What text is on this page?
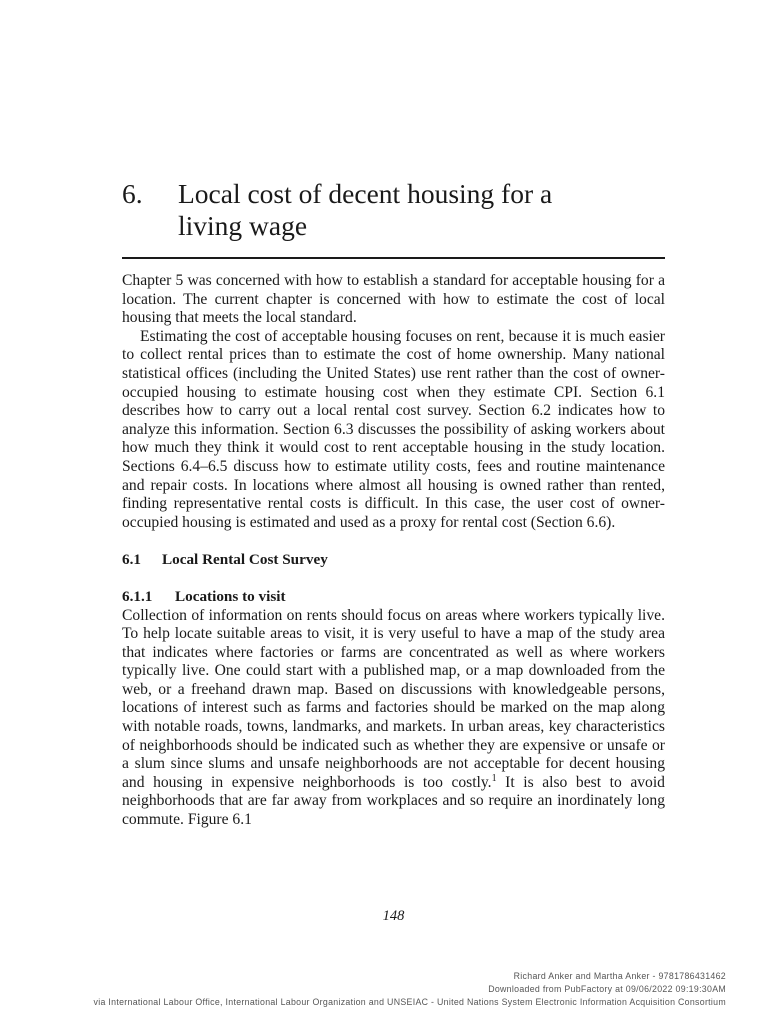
6. Local cost of decent housing for a
living wage

Chapter 5 was concerned with how to establish a standard for acceptable housing for a location. The current chapter is concerned with how to estimate the cost of local housing that meets the local standard.

Estimating the cost of acceptable housing focuses on rent, because it is much easier to collect rental prices than to estimate the cost of home ownership. Many national statistical offices (including the United States) use rent rather than the cost of owner-occupied housing to estimate housing cost when they estimate CPI. Section 6.1 describes how to carry out a local rental cost survey. Section 6.2 indicates how to analyze this information. Section 6.3 discusses the possibility of asking workers about how much they think it would cost to rent acceptable housing in the study location. Sections 6.4–6.5 discuss how to estimate utility costs, fees and routine maintenance and repair costs. In locations where almost all housing is owned rather than rented, finding representative rental costs is difficult. In this case, the user cost of owner-occupied housing is estimated and used as a proxy for rental cost (Section 6.6).

6.1 Local Rental Cost Survey
6.1.1 Locations to visit

Collection of information on rents should focus on areas where workers typically live. To help locate suitable areas to visit, it is very useful to have a map of the study area that indicates where factories or farms are concentrated as well as where workers typically live. One could start with a published map, or a map downloaded from the web, or a freehand drawn map. Based on discussions with knowledgeable persons, locations of interest such as farms and factories should be marked on the map along with notable roads, towns, landmarks, and markets. In urban areas, key characteristics of neighborhoods should be indicated such as whether they are expensive or unsafe or a slum since slums and unsafe neighborhoods are not acceptable for decent housing and housing in expensive neighborhoods is too costly.$^1$ It is also best to avoid neighborhoods that are far away from workplaces and so require an inordinately long commute. Figure 6.1

148
Richard Anker and Martha Anker - 9781786431462
Downloaded from PubFactory at 09/06/2022 09:19:30AM
via International Labour Office, International Labour Organization and UNSEIAC - United Nations System Electronic Information Acquisition Consortium
